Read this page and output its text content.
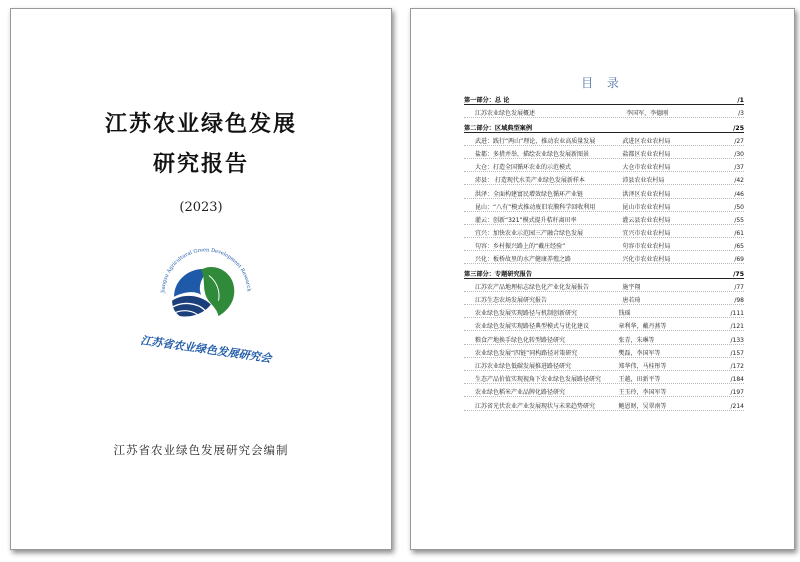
江苏农业绿色发展
研究报告
(2023)
Jiangsu Agricultural Green Development Research
江苏省农业绿色发展研究会
江苏省农业绿色发展研究会编制
目 录
第一部分：总 论	/1
江苏农业绿色发展概述	李国军，李德刚	/3
第二部分：区域典型案例	/25
武进：践行“两山”理论，推动农业高质量发展	武进区农业农村局	/27
盐都：多措并举，描绘农业绿色发展新图景	盐都区农业农村局	/30
大仓：打造全国循环农业的示范模式	大仓市农业农村局	/37
沛县： 打造现代水美产业绿色发展新样本	沛县农业农村局	/42
洪泽：全面构建富民增效绿色循环产业链	洪泽区农业农村局	/46
昆山：“八有”模式推动废旧农膜科学回收利用	昆山市农业农村局	/50
灌云：创新“321”模式提升秸秆离田率	灌云县农业农村局	/55
宜兴：加快农业示范园三产融合绿色发展	宜兴市农业农村局	/61
句容：乡村振兴路上的“戴庄经验”	句容市农业农村局	/65
兴化：板桥故里的水产健康养殖之路	兴化市农业农村局	/69
第三部分：专题研究报告	/75
江苏农产品地理标志绿色化产业化发展报告	施宇翔	/77
江苏生态农场发展研究报告	唐若琦	/98
农业绿色发展实现路径与机制创新研究	钱瑶	/111
农业绿色发展实现路径典型模式与优化建议	章利华，戴丹燕等	/121
粮食产地换手绿色化转型路径研究	张青，朱琳等	/133
农业绿色发展“四链”同构路径对策研究	樊磊，李国军等	/157
江苏农业绿色低碳发展推进路径研究	郑华伟，马桂彤等	/172
生态产品价值实现视角下农业绿色发展路径研究	王越，田新平等	/184
农业绿色稻米产业品牌化路径研究	王玉玲，李国军等	/197
江苏省光伏农业产业发展现状与未来趋势研究	鲍恩财，吴翠南等	/214
